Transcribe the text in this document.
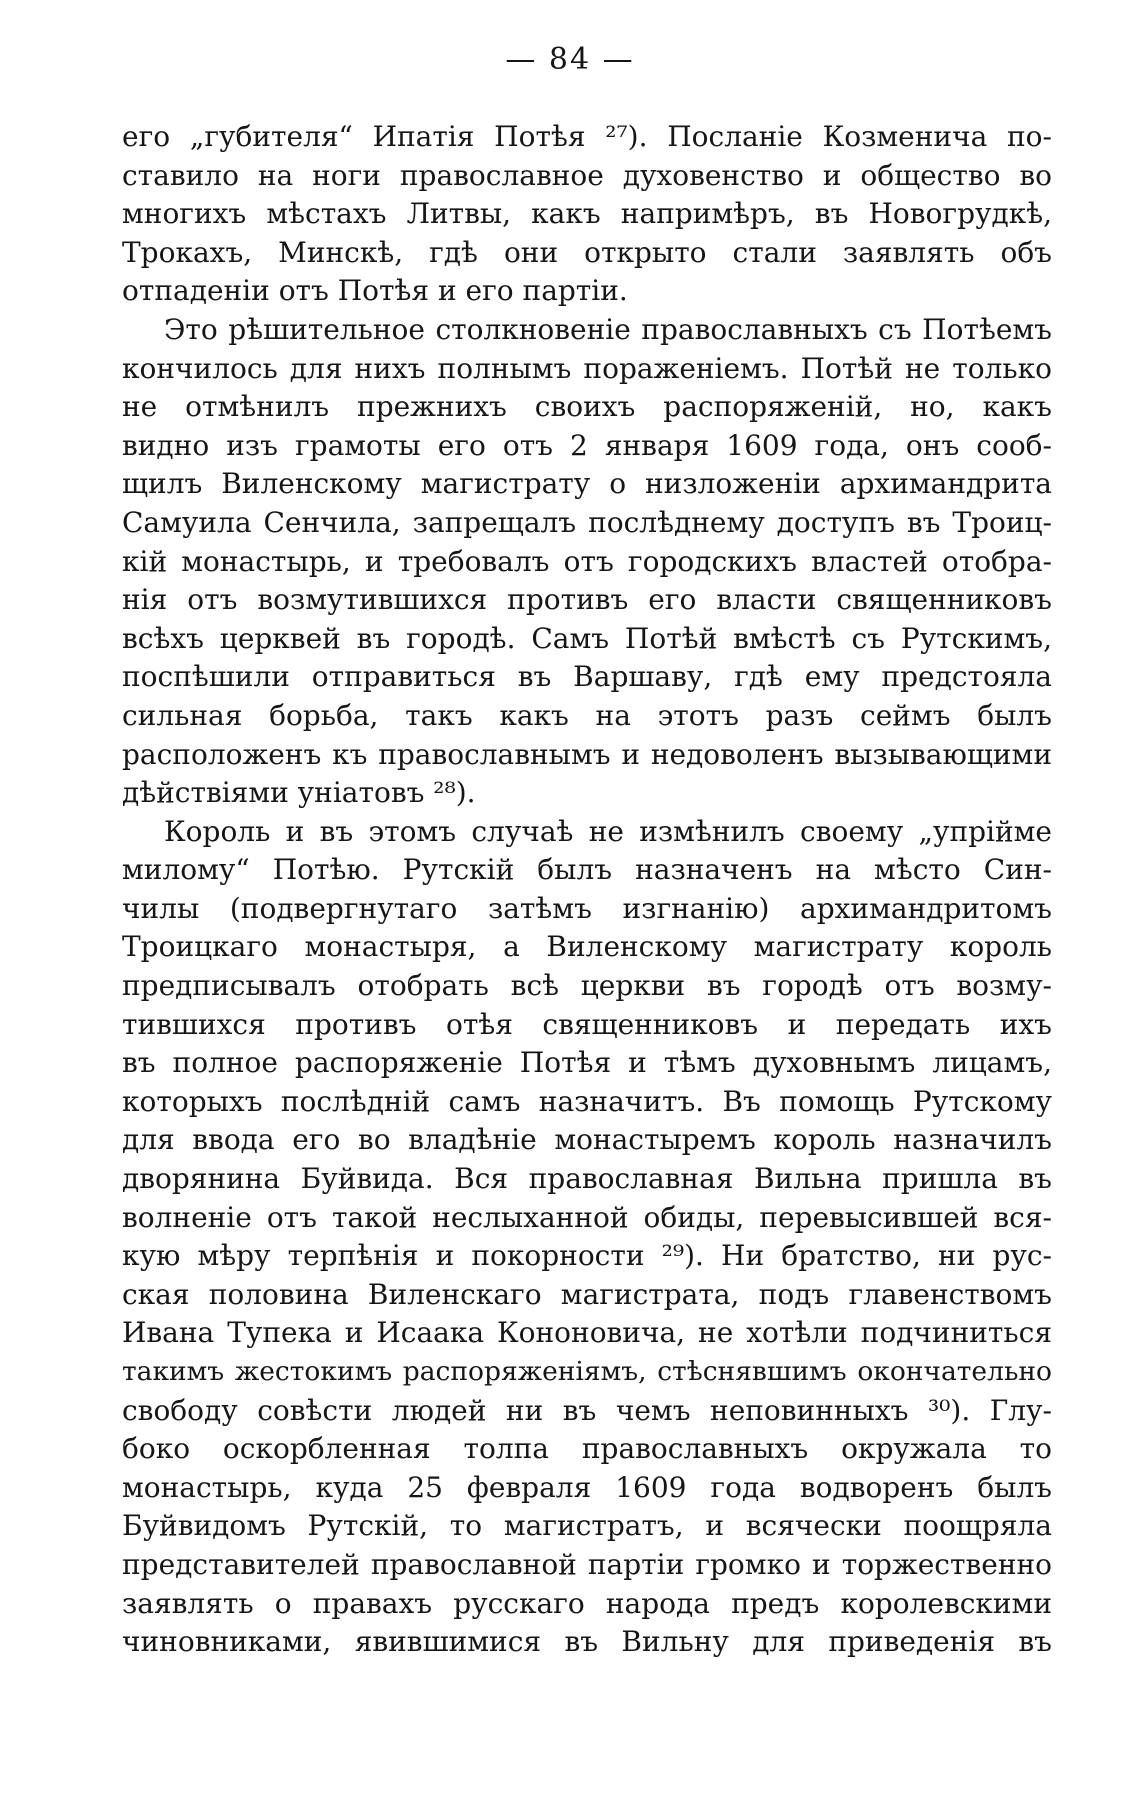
— 84 —
его „губителя“ Ипатія Потѣя ²⁷). Посланіе Козменича по-
ставило на ноги православное духовенство и общество во
многихъ мѣстахъ Литвы, какъ напримѣръ, въ Новогрудкѣ,
Трокахъ, Минскѣ, гдѣ они открыто стали заявлять объ
отпаденіи отъ Потѣя и его партіи.
Это рѣшительное столкновеніе православныхъ съ Потѣемъ
кончилось для нихъ полнымъ пораженіемъ. Потѣй не только
не отмѣнилъ прежнихъ своихъ распоряженій, но, какъ
видно изъ грамоты его отъ 2 января 1609 года, онъ сооб-
щилъ Виленскому магистрату о низложеніи архимандрита
Самуила Сенчила, запрещалъ послѣднему доступъ въ Троиц-
кій монастырь, и требовалъ отъ городскихъ властей отобра-
нія отъ возмутившихся противъ его власти священниковъ
всѣхъ церквей въ городѣ. Самъ Потѣй вмѣстѣ съ Рутскимъ,
поспѣшили отправиться въ Варшаву, гдѣ ему предстояла
сильная борьба, такъ какъ на этотъ разъ сеймъ былъ
расположенъ къ православнымъ и недоволенъ вызывающими
дѣйствіями уніатовъ ²⁸).
Король и въ этомъ случаѣ не измѣнилъ своему „упрійме
милому“ Потѣю. Рутскій былъ назначенъ на мѣсто Син-
чилы (подвергнутаго затѣмъ изгнанію) архимандритомъ
Троицкаго монастыря, а Виленскому магистрату король
предписывалъ отобрать всѣ церкви въ городѣ отъ возму-
тившихся противъ отѣя священниковъ и передать ихъ
въ полное распоряженіе Потѣя и тѣмъ духовнымъ лицамъ,
которыхъ послѣдній самъ назначитъ. Въ помощь Рутскому
для ввода его во владѣніе монастыремъ король назначилъ
дворянина Буйвида. Вся православная Вильна пришла въ
волненіе отъ такой неслыханной обиды, перевысившей вся-
кую мѣру терпѣнія и покорности ²⁹). Ни братство, ни рус-
ская половина Виленскаго магистрата, подъ главенствомъ
Ивана Тупека и Исаака Кононовича, не хотѣли подчиниться
такимъ жестокимъ распоряженіямъ, стѣснявшимъ окончательно
свободу совѣсти людей ни въ чемъ неповинныхъ ³⁰). Глу-
боко оскорбленная толпа православныхъ окружала то
монастырь, куда 25 февраля 1609 года водворенъ былъ
Буйвидомъ Рутскій, то магистратъ, и всячески поощряла
представителей православной партіи громко и торжественно
заявлять о правахъ русскаго народа предъ королевскими
чиновниками, явившимися въ Вильну для приведенія въ
